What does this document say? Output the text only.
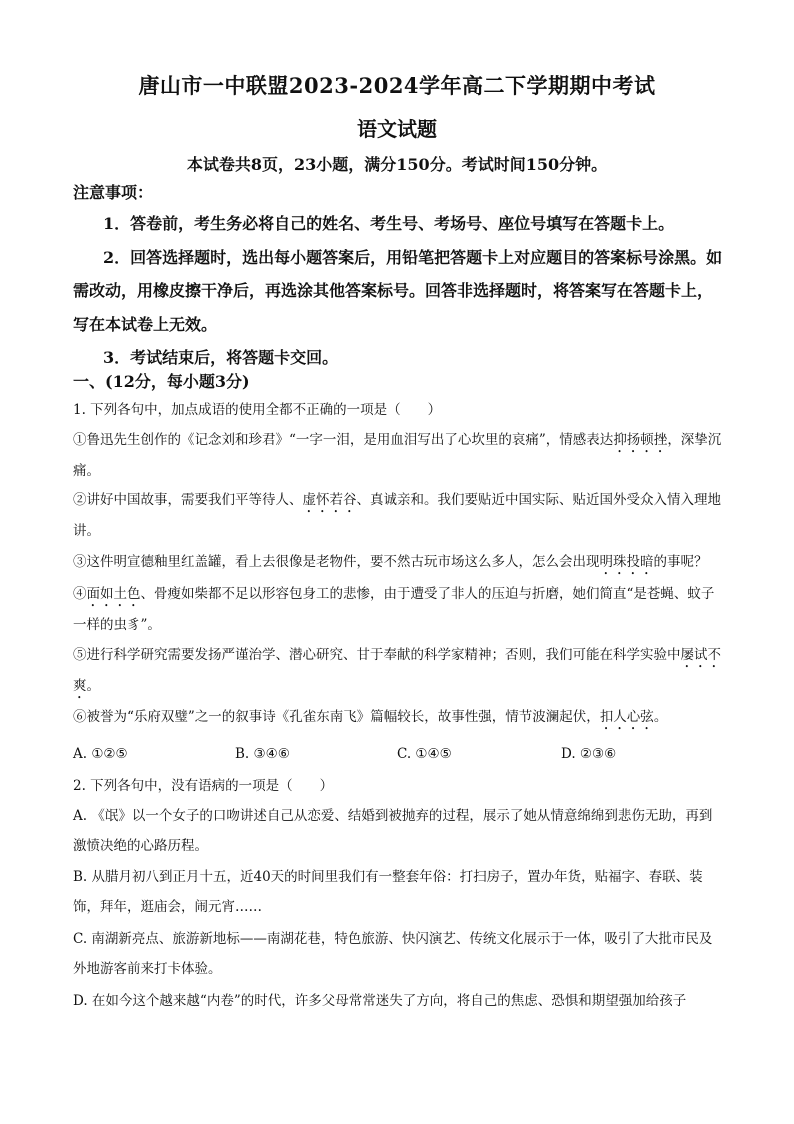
唐山市一中联盟2023-2024学年高二下学期期中考试
语文试题
本试卷共8页，23小题，满分150分。考试时间150分钟。
注意事项：

1．答卷前，考生务必将自己的姓名、考生号、考场号、座位号填写在答题卡上。

2．回答选择题时，选出每小题答案后，用铅笔把答题卡上对应题目的答案标号涂黑。如需改动，用橡皮擦干净后，再选涂其他答案标号。回答非选择题时，将答案写在答题卡上，写在本试卷上无效。

3．考试结束后，将答题卡交回。

一、(12分，每小题3分)

1. 下列各句中，加点成语的使用全都不正确的一项是（　　）

①鲁迅先生创作的《记念刘和珍君》“一字一泪，是用血泪写出了心坎里的哀痛”，情感表达抑扬顿挫，深挚沉痛。

②讲好中国故事，需要我们平等待人、虚怀若谷、真诚亲和。我们要贴近中国实际、贴近国外受众入情入理地讲。

③这件明宣德釉里红盖罐，看上去很像是老物件，要不然古玩市场这么多人，怎么会出现明珠投暗的事呢？

④面如土色、骨瘦如柴都不足以形容包身工的悲惨，由于遭受了非人的压迫与折磨，她们简直“是苍蝇、蚊子一样的虫豸”。

⑤进行科学研究需要发扬严谨治学、潜心研究、甘于奉献的科学家精神；否则，我们可能在科学实验中屡试不爽。

⑥被誉为“乐府双璧”之一的叙事诗《孔雀东南飞》篇幅较长，故事性强，情节波澜起伏，扣人心弦。

A. ①②⑤	B. ③④⑥	C. ①④⑤	D. ②③⑥

2. 下列各句中，没有语病的一项是（　　）

A. 《氓》以一个女子的口吻讲述自己从恋爱、结婚到被抛弃的过程，展示了她从情意绵绵到悲伤无助，再到激愤决绝的心路历程。

B. 从腊月初八到正月十五，近40天的时间里我们有一整套年俗：打扫房子，置办年货，贴福字、春联、装饰，拜年，逛庙会，闹元宵……

C. 南湖新亮点、旅游新地标——南湖花巷，特色旅游、快闪演艺、传统文化展示于一体，吸引了大批市民及外地游客前来打卡体验。

D. 在如今这个越来越“内卷”的时代，许多父母常常迷失了方向，将自己的焦虑、恐惧和期望强加给孩子
